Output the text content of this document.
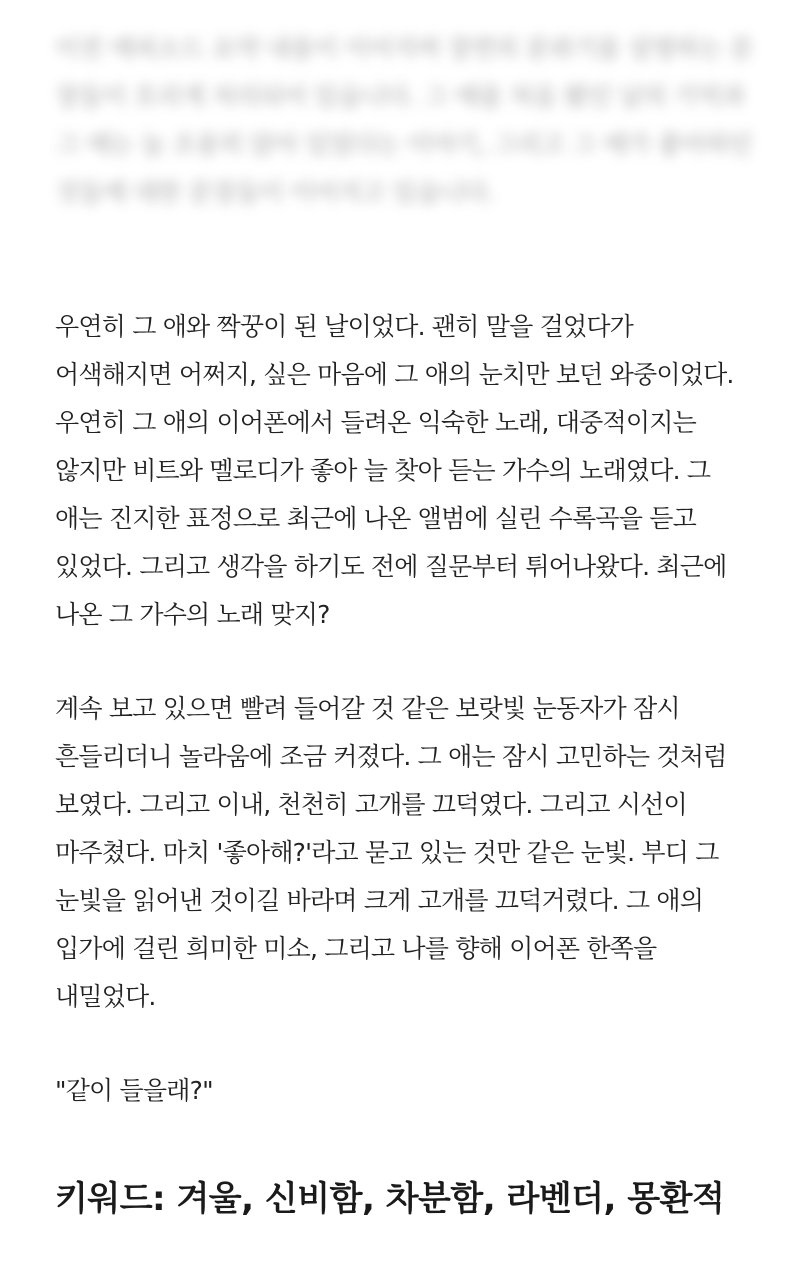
이전 에피소드 요약 내용이 이어지며 장면의 분위기를 설명하는 문장들이 흐리게 처리되어 있습니다. 그 애를 처음 봤던 날의 기억과 그 애는 늘 조용히 앉아 있었다는 이야기, 그리고 그 애가 좋아하던 것들에 대한 문장들이 이어지고 있습니다.

우연히 그 애와 짝꿍이 된 날이었다. 괜히 말을 걸었다가 어색해지면 어쩌지, 싶은 마음에 그 애의 눈치만 보던 와중이었다. 우연히 그 애의 이어폰에서 들려온 익숙한 노래, 대중적이지는 않지만 비트와 멜로디가 좋아 늘 찾아 듣는 가수의 노래였다. 그 애는 진지한 표정으로 최근에 나온 앨범에 실린 수록곡을 듣고 있었다. 그리고 생각을 하기도 전에 질문부터 튀어나왔다. 최근에 나온 그 가수의 노래 맞지?

계속 보고 있으면 빨려 들어갈 것 같은 보랏빛 눈동자가 잠시 흔들리더니 놀라움에 조금 커졌다. 그 애는 잠시 고민하는 것처럼 보였다. 그리고 이내, 천천히 고개를 끄덕였다. 그리고 시선이 마주쳤다. 마치 '좋아해?'라고 묻고 있는 것만 같은 눈빛. 부디 그 눈빛을 읽어낸 것이길 바라며 크게 고개를 끄덕거렸다. 그 애의 입가에 걸린 희미한 미소, 그리고 나를 향해 이어폰 한쪽을 내밀었다.

"같이 들을래?"

키워드: 겨울, 신비함, 차분함, 라벤더, 몽환적
